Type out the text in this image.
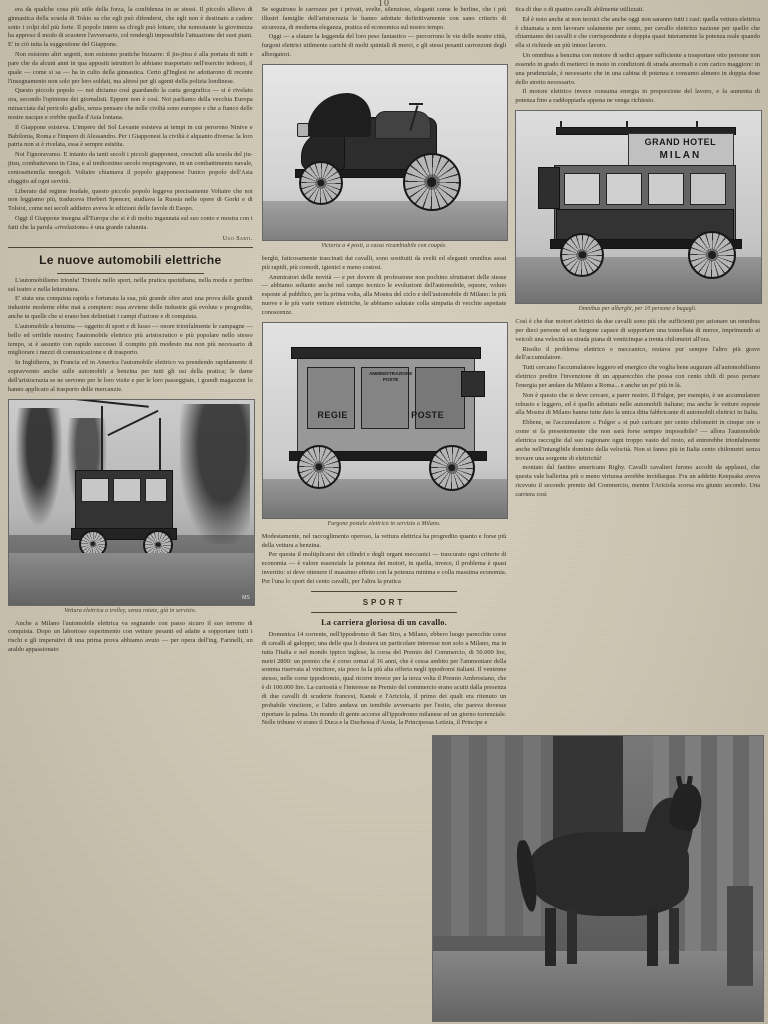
10

era da qualche cosa più utile della forza, la confidenza in se stessi. Il piccolo allievo di ginnastica della scuola di Tokio sa che egli può difendersi, che egli non è destinato a cadere sotto i colpi del più forte. Il popolo intero sa ch'egli può lottare, che nonostante la giovinezza ha appreso il modo di scuotere l'avversario, col rendergli impossibile l'attuazione dei suoi piani. E' in ciò tutta la suggestione del Giappone.

Non esistono altri segreti, non esistono pratiche bizzarre: il jiu-jitsu è alla portata di tutti e pare che da alcuni anni in qua appositi istruttori lo abbiano trasportato nell'esercito tedesco, il quale — come si sa — ha in culto della ginnastica. Certo gl'Inglesi ne adottarono di recente l'insegnamento non solo per loro soldati, ma altresì per gli agenti della polizia londinese.

Questo piccolo popolo — noi diciamo così guardando la carta geografica — si è rivelato ora, secondo l'opinione dei giornalisti. Eppure non è così. Noi parliamo della vecchia Europa minacciata dal pericolo giallo, senza pensare che nelle civiltà sono europee e che a fianco delle nostre nacque e crebbe quella d'Asia lontana.

Il Giappone esisteva. L'impero del Sol Levante esisteva ai tempi in cui perorono Ninive e Babilonia, Roma e l'impero di Alessandro. Per i Giapponesi la civiltà è alquanto diversa: la loro patria non si è rivelata, essa è sempre esistita.

Noi l'ignoravamo. E intanto da tanti secoli i piccoli giapponesi, cresciuti alla scuola del jiu-jitsu, combattevano in Cina, e al tredicesimo secolo respingevano, in un combattimento navale, centosettemila mongoli. Voltaire chiamava il popolo giapponese l'unico popolo dell'Asia sfuggito ad ogni servitù.

Liberato dal regime feudale, questo piccolo popolo leggeva precisamente Voltaire che noi non leggiamo più, traduceva Herbert Spencer, studiava la Russia nelle opere di Gorki e di Tolstoi, come nei secoli addietro aveva le edizioni delle favole di Esopo.

Oggi il Giappone insegna all'Europa che si è di molto ingannata sul suo conto e mostra con i fatti che la parola «rivelazione» è una grande calunnia.

Ugo Sarti.
Le nuove automobili elettriche

L'automobilismo trionfa! Trionfa nello sport, nella pratica quotidiana, nella moda e perfino sul teatro e nella letteratura.

E' stata una conquista rapida e fortunata la sua, più grande oltre anzi una prova delle grandi industrie moderne ebbe mai a compiere: essa avviene delle industrie già evolute e progredite, anche in quelle che si erano ben delimitati i campi d'azione e di conquista.

L'automobile a benzina — oggetto di sport e di lusso — onore trionfalmente le campagne — bello ed orribile mostro; l'automobile elettrico più aristocratico e più popolare nello stesso tempo, si è assunto con rapido successo il compito più modesto ma non più necessario di migliorare i mezzi di comunicazione e di trasporto.

In Inghilterra, in Francia ed in America l'automobile elettrico va prendendo rapidamente il sopravvento anche sulle automobili a benzina per tutti gli usi della pratica; le dame dell'aristocrazia se ne servono per le loro visite e per le loro passeggiate, i grandi magazzini lo hanno applicato al trasporto delle mercanzie.

MS
Vettura elettrica a trolley, senza rotaie, già in servizio.

Anche a Milano l'automobile elettrica va segnando con passo sicuro il suo terreno di conquista. Dopo un laborioso esperimento con vetture pesanti ed adatte a sopportare tutti i rischi e gli imperativi di una prima prova abbiamo avuto — per opera dell'ing. Farinelli, un araldo appassionato

Se seguirono le carrozze per i privati, svelte, silenziose, eleganti come le berline, che i più illustri famiglie dell'aristocrazia le hanno adottate definitivamente con sano criterio di sicurezza, di moderna eleganza, pratica ed economica sul nostro tempo.

Oggi — a sfatare la leggenda del loro peso fantastico — percorrono le vie delle nostre città, furgoni elettrici utilmente carichi di molti quintali di merci, e gli stessi pesanti carrozzoni degli albergatori.

Victoria a 4 posti, a cassa ricambiabile con coupée.

berghi, faticosamente trascinati dai cavalli, sono sostituiti da svelti ed eleganti omnibus assai più rapidi, più comodi, igienici e meno costosi.

Ammiratori delle novità — e per dovere di professione non pochino sfruttatori delle stesse — abbiamo soltanto anche nel campo tecnico le evoluzioni dell'automobile, equore, voluto esposte al pubblico, per la prima volta, alla Mostra del ciclo e dell'automobile di Milano: le più nuove e le più varie vetture elettriche, le abbiamo salutate colla simpatia di vecchie aspettate conoscenze.

REGIE	POSTE
AMMINISTRAZIONE
POSTE
Furgone postale elettrico in servizio a Milano.

Modestamente, nel raccoglimento operoso, la vettura elettrica ha progredito quanto e forse più della vettura a benzina.

Per questa il moltiplicarsi dei cilindri e degli organi meccanici — trascurato ogni criterio di economia — è valore essenziale la potenza dei motori, in quella, invece, il problema è quasi invertito: si deve ottenere il massimo effetto con la potenza minima e colla massima economia. Per l'una lo sport dei cento cavalli, per l'altra la pratica

SPORT
La carriera gloriosa di un cavallo.

Domenica 14 corrente, nell'ippodromo di San Siro, a Milano, ebbero luogo parecchie corse di cavalli al galoppo; una delle qua li destava un particolare interesse non solo a Milano, ma in tutta l'Italia e nel mondo ippico inglese, la corsa del Premio del Commercio, di 50.000 lire, metri 2800: un premio che è corso ormai al 16 anni, che è cessa ambito per l'ammontare della somma riservata al vincitore, sia poco fa la più alta offerta negli ippodromi italiani. Il ventenne stesso, nelle corse ippodromio, qual ricorre invece per la terza volta il Premio Ambrosiano, che è di 100.000 lire. La curiosità e l'interesse ne Premio del commercio erano acuiti dalla presenza di due cavalli di scuderie francesi, Kansk e l'Ariciola, il primo dei quali era ritenuto un probabile vincitore, e l'altro andava un temibile avversario per l'esito, che pareva dovesse riportare la palma. Un mondo di gente accorse all'ippodromo milanese ed un giorno torrenziale. Nelle tribune vi erano il Duca e la Duchessa d'Aosta, la Principessa Letizia, il Principe e

tica di due o di quattro cavalli abilmente utilizzati.

Ed è noto anche ai non tecnici che anche oggi non saranno tutti i casi: quella vettura elettrica è chiamata a non lavorare solamente per cento, per cavallo elettrico nazione per quello che chiamiamo dei cavalli e che corrispondente e doppia quasi interamente la potenza reale quando ella si richiede un più inteso lavoro.

Un omnibus a benzina con motore di sedici appare sufficiente a trasportare otto persone non essendo in grado di metterci in moto in condizioni di strada anormali e con carico maggiore: in una prudenziale, è necessario che in una cabina di potenza e consumo almeno in doppia dose dello stretto necessario.

Il motore elettrico invece consuma energia in proporzione del lavoro, e fa aumenta di potenza fino a raddoppiarla appena ne venga richiesto.

GRAND HOTEL
MILAN
Omnibus per alberghi, per 10 persone e bagagli.

Così è che due motori elettrici da due cavalli sono più che sufficienti per azionare un omnibus per dieci persone ed un furgone capace di sopportare una tonnellata di merce, imprimendo ai veicoli una velocità su strada piana di venticinque a trenta chilometri all'ora.

Risolto il problema elettrico e meccanico, restava pur sempre l'altro più grave dell'accumulatore.

Tutti cercano l'accumulatore leggero ed energico che voglia bene augurare all'automobilismo elettrico predire l'invenzione di un apparecchio che possa con cento chili di peso portare l'energia per andare da Milano a Roma... e anche un po' più in là.

Non è questo che si deve cercare, a parer nostro. Il Fulgor, per esempio, è un accumulatore robusto e leggero, ed è quello adottato nelle automobili italiane; ma anche le vetture esposte alla Mostra di Milano hanno tutte dato la unica ditta fabbricante di automobili elettrici in Italia.

Ebbene, se l'accumulatore « Fulgor » si può caricare per cento chilometri in cinque ore o come si fa presentemente che non sarà forse sempre impossibile? — allora l'automobile elettrica raccoglie dal suo ragionare ogni troppo vasto del resto, ed entrerebbe trionfalmente anche nell'intangibile dominio della velocità. Non si fanno più in Italia cento chilometri senza trovare una sorgente di elettricità!

montato dal fantino americano Righy. Cavalli cavalieri furono accolti da applausi, che questa vale ballerina più o meno virtuosa avrebbe invidiargue. Fra un addetto Keepsake aveva ricevuto il secondo premio del Commercio, mentre l'Ariciola scorsa era giunto secondo. Una carriera così
